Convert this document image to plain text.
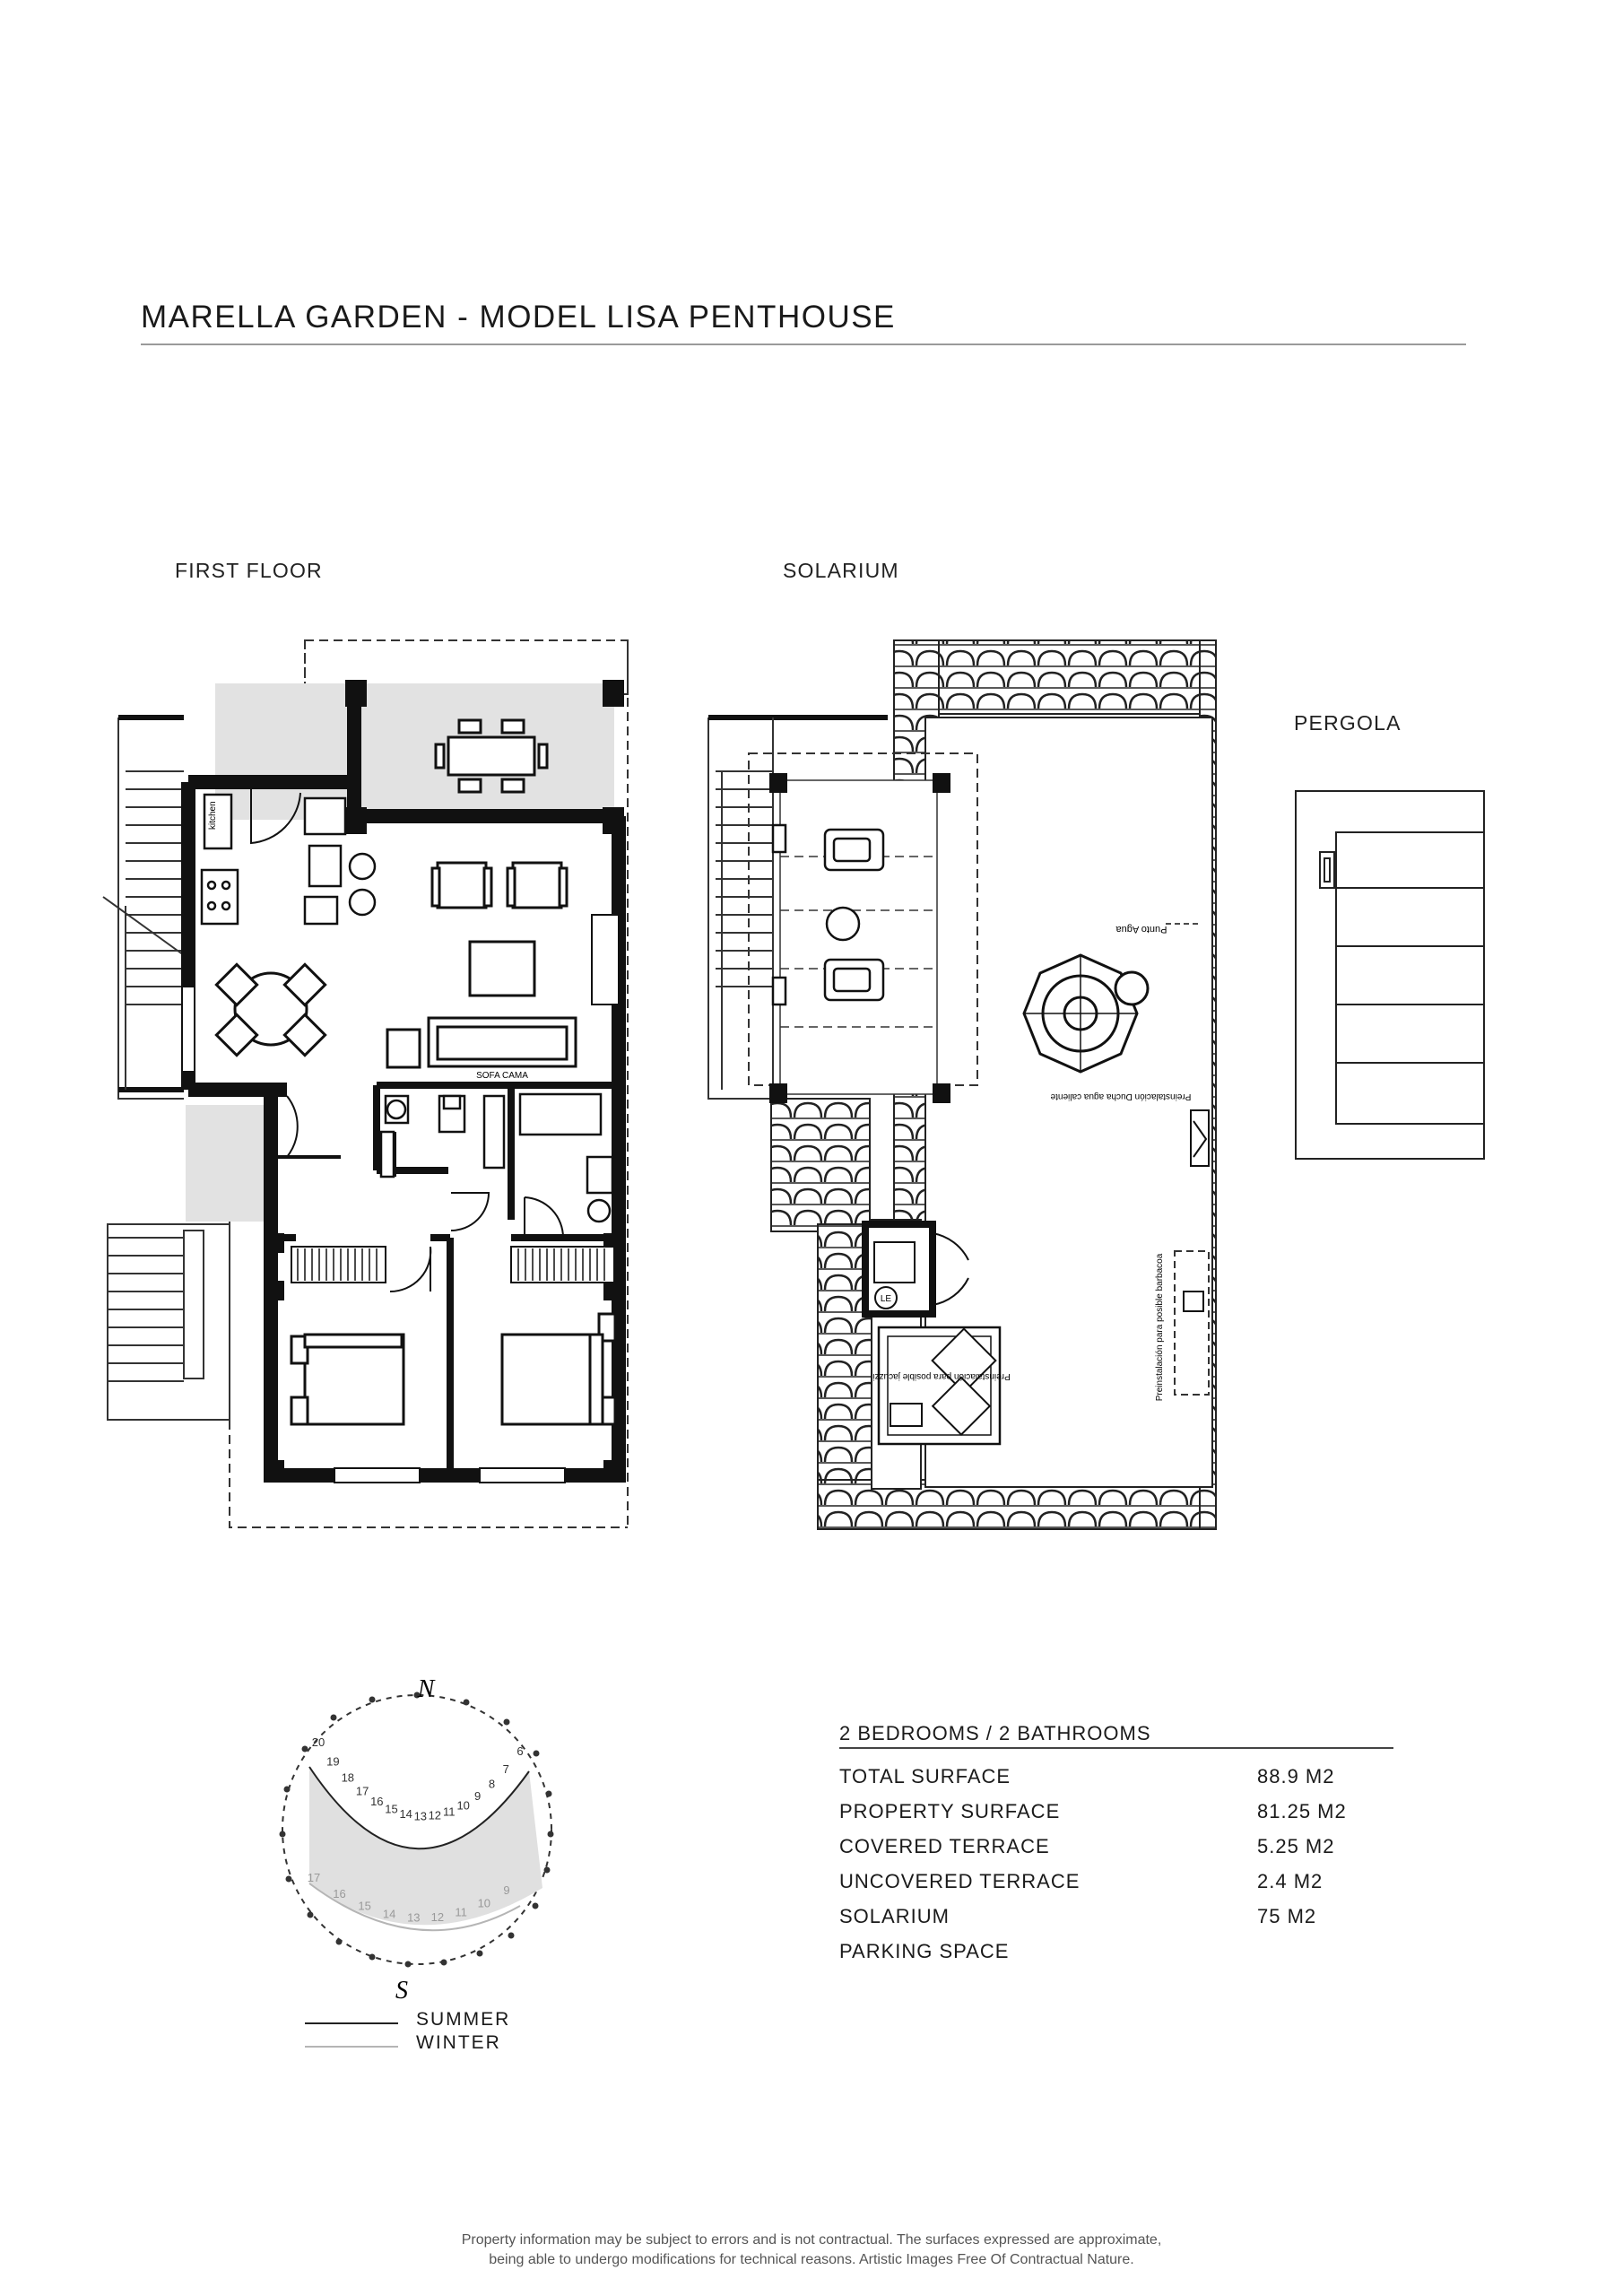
MARELLA GARDEN - MODEL LISA PENTHOUSE
FIRST FLOOR	SOLARIUM
PERGOLA
kitchen
SOFA CAMA
Punto Agua
Preinstalación Ducha agua caliente
Preinstalación para posible barbacoa
LE
Preinstalación para posible jacuzzi
N
S
20
19
18
17
16
15 14 13 12 11 10
9
8
7
6
17
16
15
14 13 12 11
10
9
SUMMER
WINTER
2 BEDROOMS / 2 BATHROOMS
TOTAL SURFACE	88.9 M2
PROPERTY SURFACE	81.25 M2
COVERED TERRACE	5.25 M2
UNCOVERED TERRACE	2.4 M2
SOLARIUM	75 M2
PARKING SPACE
Property information may be subject to errors and is not contractual. The surfaces expressed are approximate,
being able to undergo modifications for technical reasons. Artistic Images Free Of Contractual Nature.
